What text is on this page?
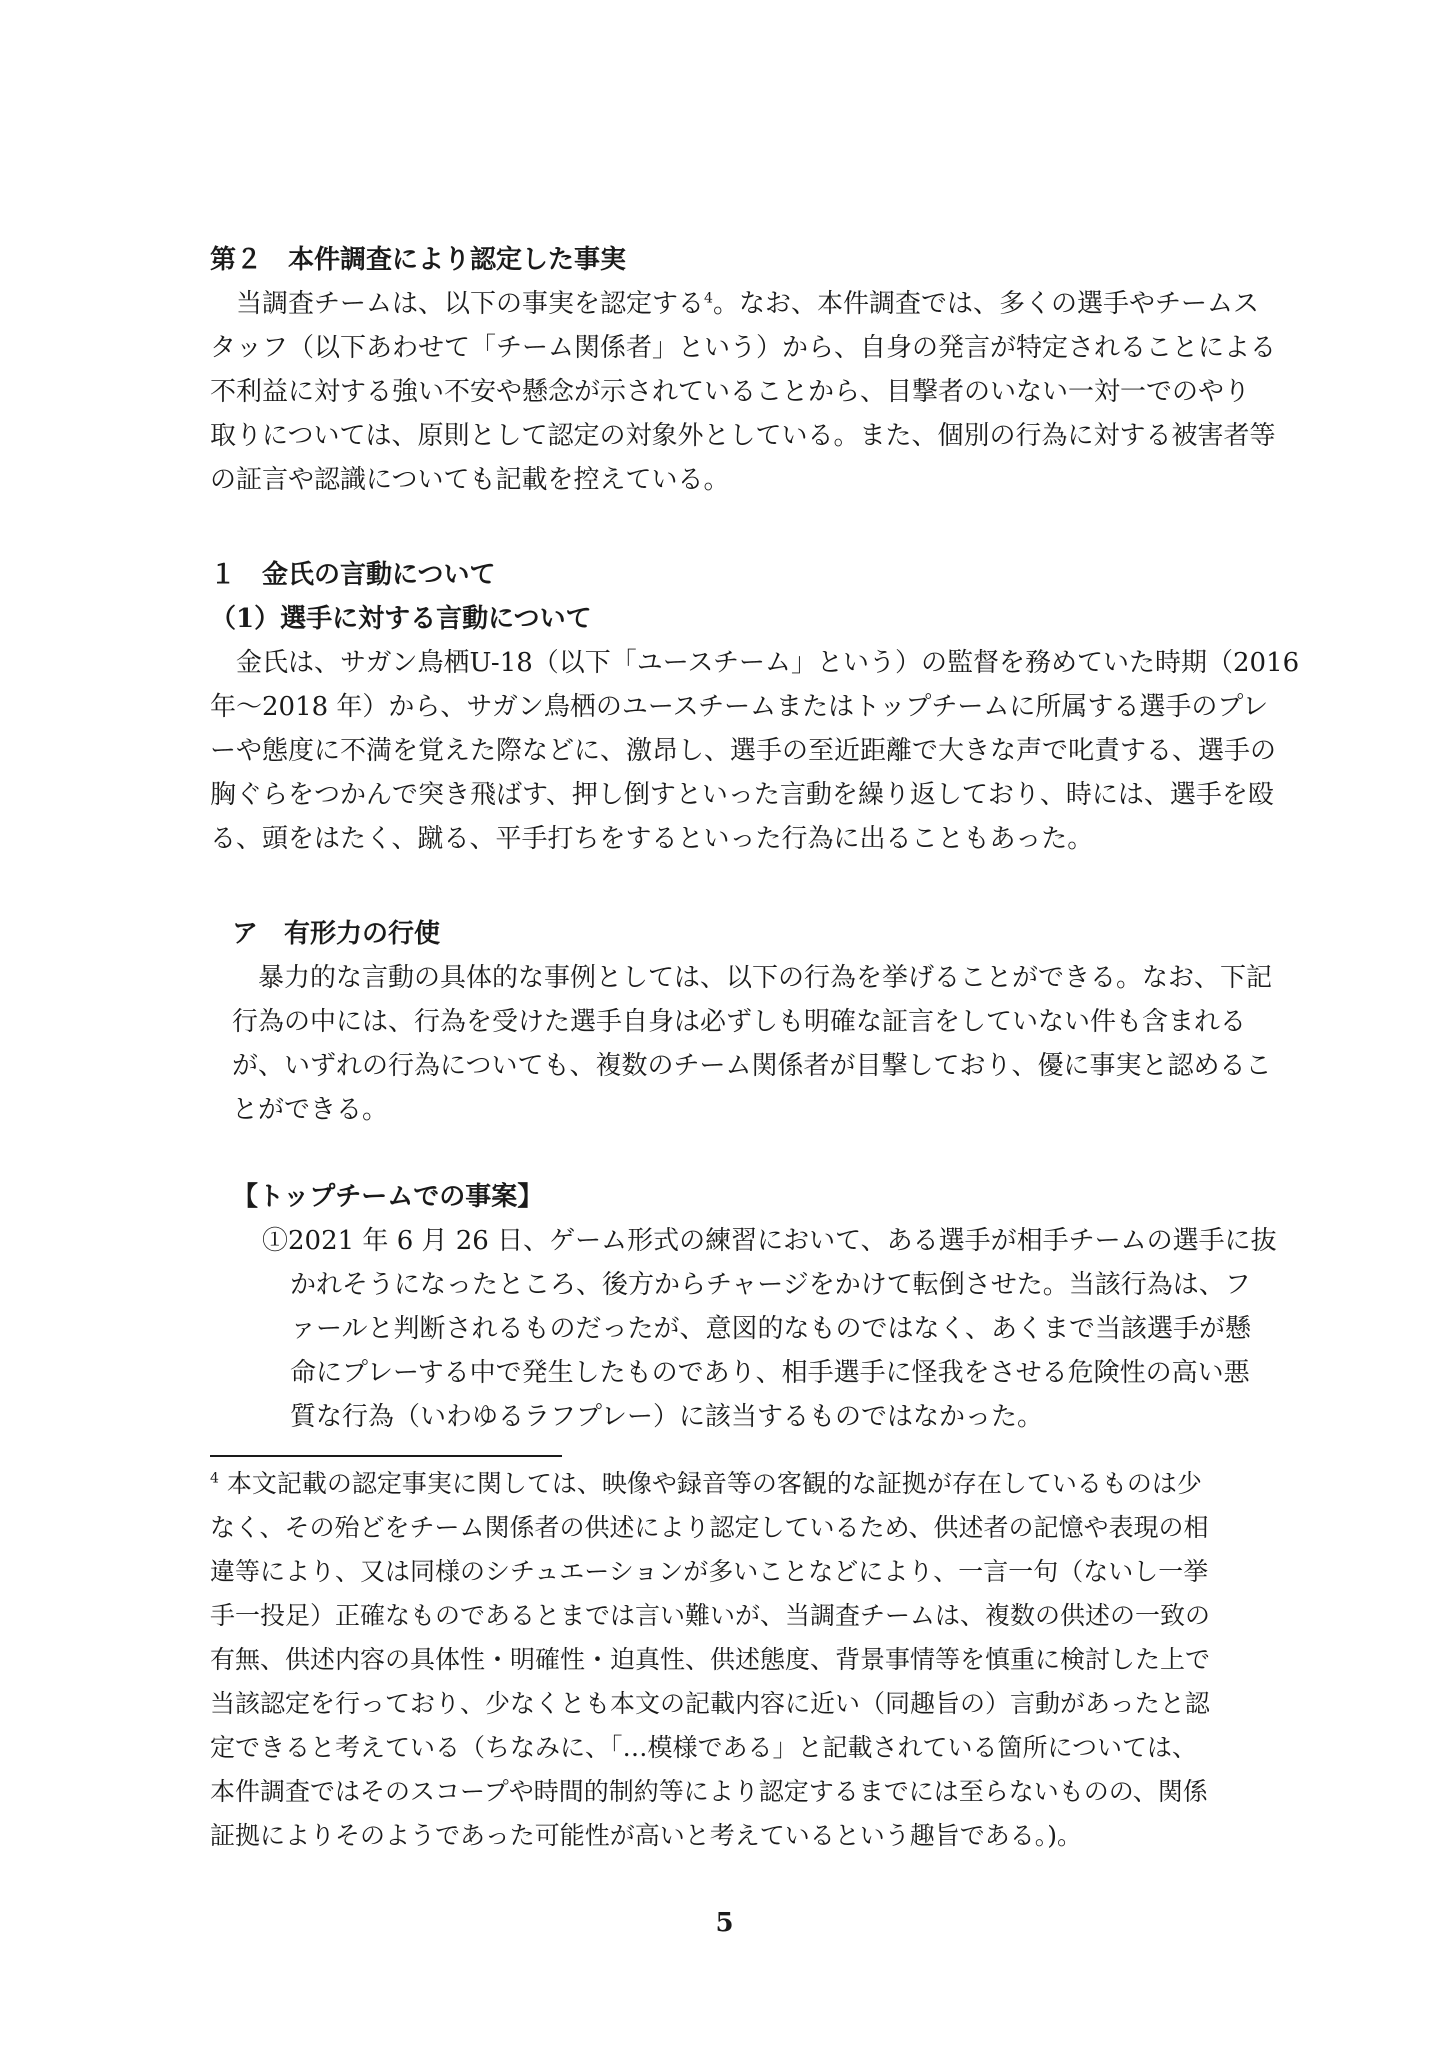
第２　本件調査により認定した事実
　当調査チームは、以下の事実を認定する$^4$。なお、本件調査では、多くの選手やチームス
タッフ（以下あわせて「チーム関係者」という）から、自身の発言が特定されることによる
不利益に対する強い不安や懸念が示されていることから、目撃者のいない一対一でのやり
取りについては、原則として認定の対象外としている。また、個別の行為に対する被害者等
の証言や認識についても記載を控えている。
１　金氏の言動について
（1）選手に対する言動について
　金氏は、サガン鳥栖U-18（以下「ユースチーム」という）の監督を務めていた時期（2016
年～2018 年）から、サガン鳥栖のユースチームまたはトップチームに所属する選手のプレ
ーや態度に不満を覚えた際などに、激昂し、選手の至近距離で大きな声で叱責する、選手の
胸ぐらをつかんで突き飛ばす、押し倒すといった言動を繰り返しており、時には、選手を殴
る、頭をはたく、蹴る、平手打ちをするといった行為に出ることもあった。
ア　有形力の行使
　暴力的な言動の具体的な事例としては、以下の行為を挙げることができる。なお、下記
行為の中には、行為を受けた選手自身は必ずしも明確な証言をしていない件も含まれる
が、いずれの行為についても、複数のチーム関係者が目撃しており、優に事実と認めるこ
とができる。
【トップチームでの事案】
①2021 年 6 月 26 日、ゲーム形式の練習において、ある選手が相手チームの選手に抜
かれそうになったところ、後方からチャージをかけて転倒させた。当該行為は、フ
ァールと判断されるものだったが、意図的なものではなく、あくまで当該選手が懸
命にプレーする中で発生したものであり、相手選手に怪我をさせる危険性の高い悪
質な行為（いわゆるラフプレー）に該当するものではなかった。
$^4$ 本文記載の認定事実に関しては、映像や録音等の客観的な証拠が存在しているものは少
なく、その殆どをチーム関係者の供述により認定しているため、供述者の記憶や表現の相
違等により、又は同様のシチュエーションが多いことなどにより、一言一句（ないし一挙
手一投足）正確なものであるとまでは言い難いが、当調査チームは、複数の供述の一致の
有無、供述内容の具体性・明確性・迫真性、供述態度、背景事情等を慎重に検討した上で
当該認定を行っており、少なくとも本文の記載内容に近い（同趣旨の）言動があったと認
定できると考えている（ちなみに、「…模様である」と記載されている箇所については、
本件調査ではそのスコープや時間的制約等により認定するまでには至らないものの、関係
証拠によりそのようであった可能性が高いと考えているという趣旨である。)。
5
